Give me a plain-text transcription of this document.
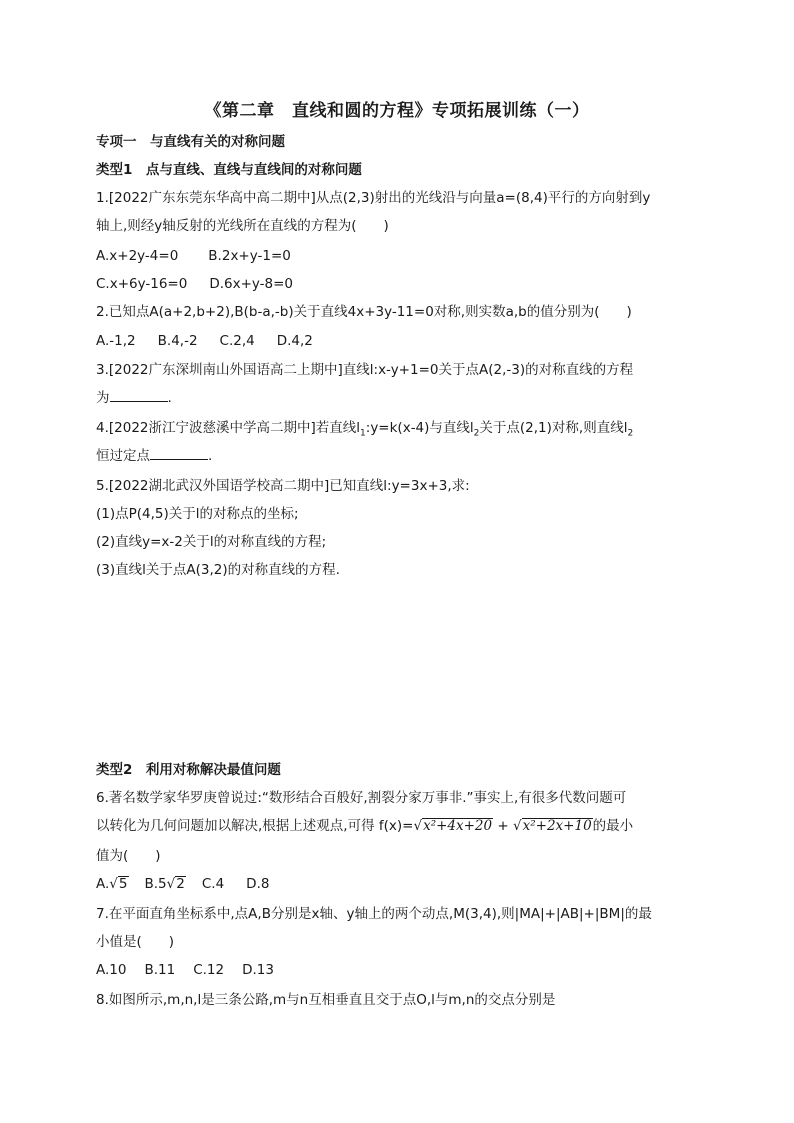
《第二章　直线和圆的方程》专项拓展训练（一）
专项一　与直线有关的对称问题
类型1　点与直线、直线与直线间的对称问题
1.[2022广东东莞东华高中高二期中]从点(2,3)射出的光线沿与向量a=(8,4)平行的方向射到y
轴上,则经y轴反射的光线所在直线的方程为(　　)
A.x+2y-4=0 B.2x+y-1=0
C.x+6y-16=0 D.6x+y-8=0
2.已知点A(a+2,b+2),B(b-a,-b)关于直线4x+3y-11=0对称,则实数a,b的值分别为(　　)
A.-1,2 B.4,-2 C.2,4 D.4,2
3.[2022广东深圳南山外国语高二上期中]直线l:x-y+1=0关于点A(2,-3)的对称直线的方程
为	.
4.[2022浙江宁波慈溪中学高二期中]若直线$l_1:y=k(x-4)$与直线$l_2$关于点(2,1)对称,则直线$l_2$
恒过定点	.
5.[2022湖北武汉外国语学校高二期中]已知直线l:y=3x+3,求:
(1)点P(4,5)关于l的对称点的坐标;
(2)直线y=x-2关于l的对称直线的方程;
(3)直线l关于点A(3,2)的对称直线的方程.
类型2　利用对称解决最值问题
6.著名数学家华罗庚曾说过:“数形结合百般好,割裂分家万事非.”事实上,有很多代数问题可
以转化为几何问题加以解决,根据上述观点,可得 f(x)=√x²+4x+20 + √x²+2x+10的最小
值为(　　)
A.√5 B.5√2 C.4 D.8
7.在平面直角坐标系中,点A,B分别是x轴、y轴上的两个动点,M(3,4),则|MA|+|AB|+|BM|的最
小值是(　　)
A.10 B.11 C.12 D.13
8.如图所示,m,n,l是三条公路,m与n互相垂直且交于点O,l与m,n的交点分别是
